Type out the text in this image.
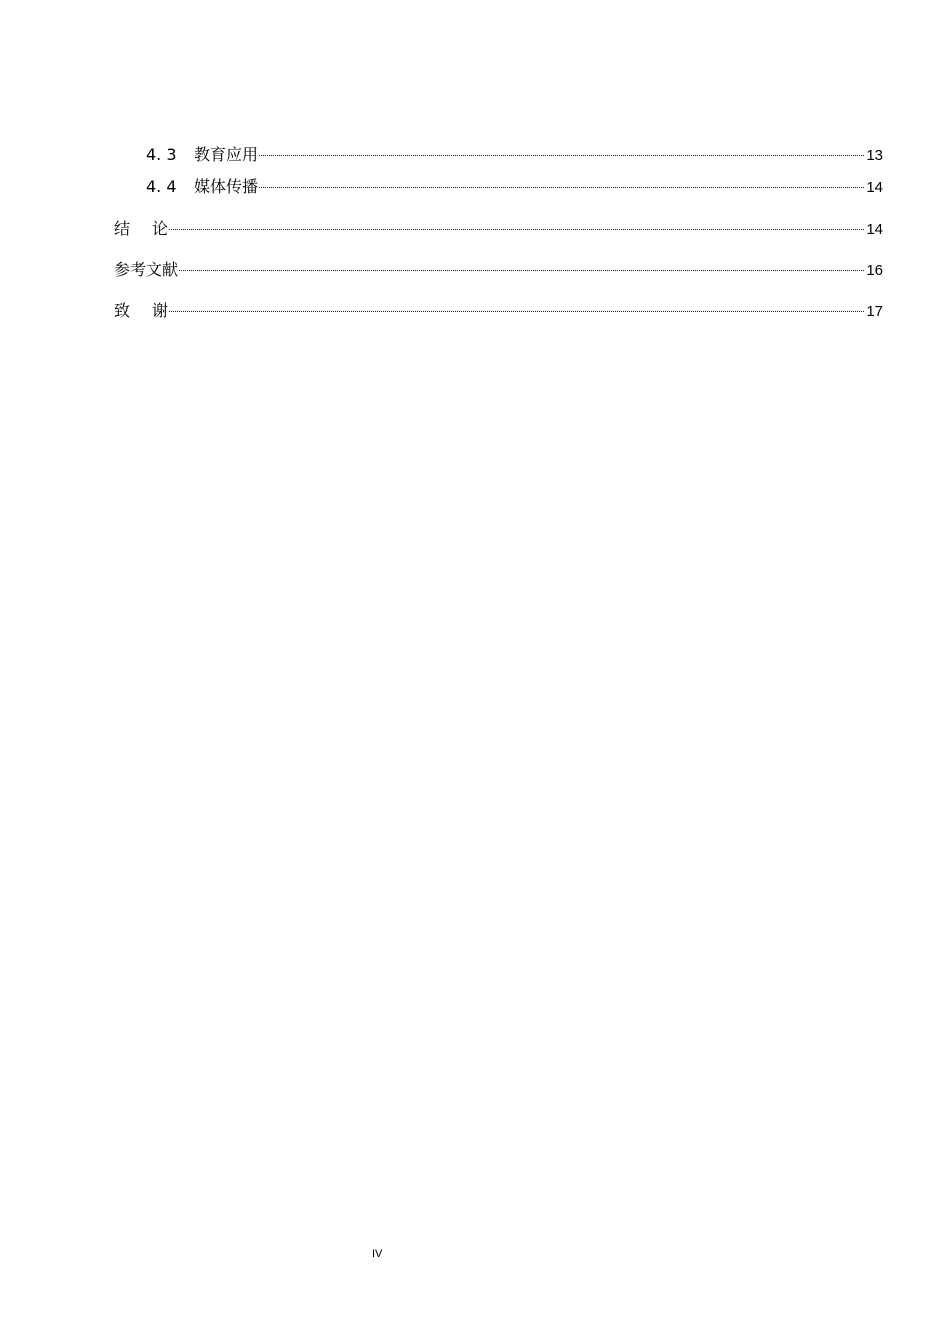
4. 3	教育应用	13
4. 4	媒体传播	14
结论	14
参考文献	16
致谢	17
IV
